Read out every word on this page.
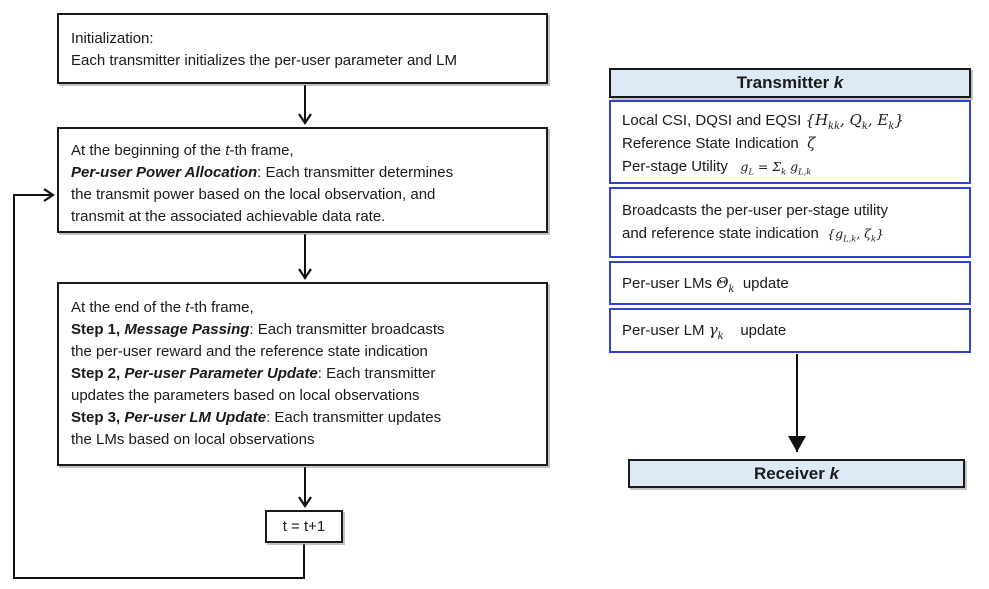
Initialization:
Each transmitter initializes the per-user parameter and LM
At the beginning of the t-th frame,
Per-user Power Allocation: Each transmitter determines
the transmit power based on the local observation, and
transmit at the associated achievable data rate.
At the end of the t-th frame,
Step 1, Message Passing: Each transmitter broadcasts
the per-user reward and the reference state indication
Step 2, Per-user Parameter Update: Each transmitter
updates the parameters based on local observations
Step 3, Per-user LM Update: Each transmitter updates
the LMs based on local observations
t = t+1
Transmitter k
Local CSI, DQSI and EQSI {$H_{kk}$, $Q_k$, $E_k$}
Reference State Indication  ζ
Per-stage Utility   $g_L = \Sigma_k$ $g_{L,k}$
Broadcasts the per-user per-stage utility
and reference state indication  {$g_{L,k}$, $\zeta_k$}
Per-user LMs $\Theta_k$  update
Per-user LM $\gamma_k$    update
Receiver k
